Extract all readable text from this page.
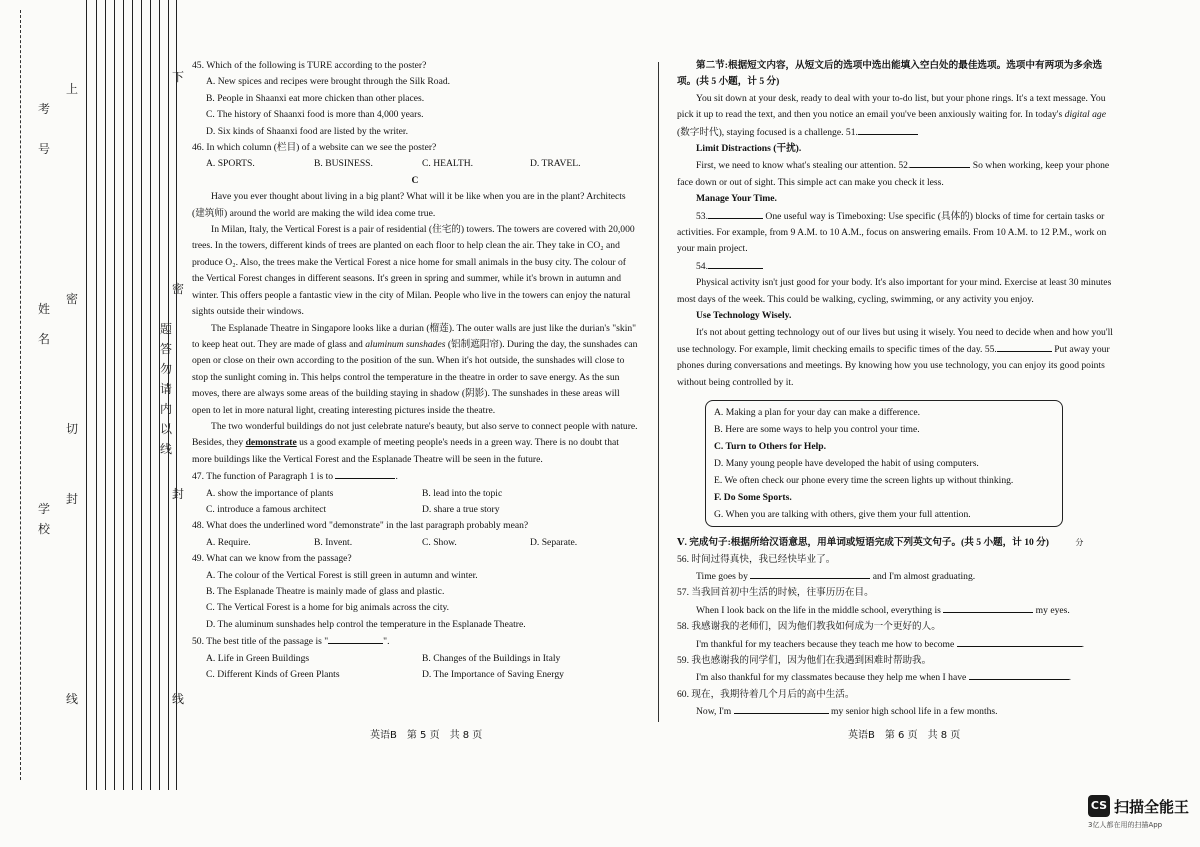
上
密
切
封
线
下
考
号
姓
名
学
校
密
题
答
勿
请
内
以
线
封
线

45. Which of the following is TURE according to the poster?

A. New spices and recipes were brought through the Silk Road.
B. People in Shaanxi eat more chicken than other places.
C. The history of Shaanxi food is more than 4,000 years.
D. Six kinds of Shaanxi food are listed by the writer.

46. In which column (栏目) of a website can we see the poster?

A. SPORTS.	B. BUSINESS.	C. HEALTH.	D. TRAVEL.

C

Have you ever thought about living in a big plant? What will it be like when you are in the plant? Architects (建筑师) around the world are making the wild idea come true.

In Milan, Italy, the Vertical Forest is a pair of residential (住宅的) towers. The towers are covered with 20,000 trees. In the towers, different kinds of trees are planted on each floor to help clean the air. They take in CO₂ and produce O₂. Also, the trees make the Vertical Forest a nice home for small animals in the busy city. The colour of the Vertical Forest changes in different seasons. It's green in spring and summer, while it's brown in autumn and winter. This offers people a fantastic view in the city of Milan. People who live in the towers can enjoy the natural sights outside their windows.

The Esplanade Theatre in Singapore looks like a durian (榴莲). The outer walls are just like the durian's "skin" to keep heat out. They are made of glass and aluminum sunshades (铝制遮阳帘). During the day, the sunshades can open or close on their own according to the position of the sun. When it's hot outside, the sunshades will close to stop the sunlight coming in. This helps control the temperature in the theatre in order to save energy. As the sun moves, there are always some areas of the building staying in shadow (阴影). The sunshades in these areas will open to let in more natural light, creating interesting pictures inside the theatre.

The two wonderful buildings do not just celebrate nature's beauty, but also serve to connect people with nature. Besides, they demonstrate us a good example of meeting people's needs in a green way. There is no doubt that more buildings like the Vertical Forest and the Esplanade Theatre will be seen in the future.

47. The function of Paragraph 1 is to	.

A. show the importance of plants	B. lead into the topic
C. introduce a famous architect	D. share a true story

48. What does the underlined word "demonstrate" in the last paragraph probably mean?

A. Require.	B. Invent.	C. Show.	D. Separate.

49. What can we know from the passage?

A. The colour of the Vertical Forest is still green in autumn and winter.
B. The Esplanade Theatre is mainly made of glass and plastic.
C. The Vertical Forest is a home for big animals across the city.
D. The aluminum sunshades help control the temperature in the Esplanade Theatre.

50. The best title of the passage is "	".

A. Life in Green Buildings	B. Changes of the Buildings in Italy
C. Different Kinds of Green Plants	D. The Importance of Saving Energy
英语B　第 5 页　共 8 页

第二节:根据短文内容，从短文后的选项中选出能填入空白处的最佳选项。选项中有两项为多余选项。(共 5 小题，计 5 分)

You sit down at your desk, ready to deal with your to-do list, but your phone rings. It's a text message. You pick it up to read the text, and then you notice an email you've been anxiously waiting for. In today's digital age (数字时代), staying focused is a challenge. 51.

Limit Distractions (干扰).

First, we need to know what's stealing our attention. 52.	So when working, keep your phone face down or out of sight. This simple act can make you check it less.

Manage Your Time.

53.	One useful way is Timeboxing: Use specific (具体的) blocks of time for certain tasks or activities. For example, from 9 A.M. to 10 A.M., focus on answering emails. From 10 A.M. to 12 P.M., work on your main project.

54.

Physical activity isn't just good for your body. It's also important for your mind. Exercise at least 30 minutes most days of the week. This could be walking, cycling, swimming, or any activity you enjoy.

Use Technology Wisely.

It's not about getting technology out of our lives but using it wisely. You need to decide when and how you'll use technology. For example, limit checking emails to specific times of the day. 55.	Put away your phones during conversations and meetings. By knowing how you use technology, you can enjoy its good points without being controlled by it.

A. Making a plan for your day can make a difference.

B. Here are some ways to help you control your time.

C. Turn to Others for Help.

D. Many young people have developed the habit of using computers.

E. We often check our phone every time the screen lights up without thinking.

F. Do Some Sports.

G. When you are talking with others, give them your full attention.

Ⅴ. 完成句子:根据所给汉语意思，用单词或短语完成下列英文句子。(共 5 小题，计 10 分)	分

56. 时间过得真快，我已经快毕业了。

Time goes by	and I'm almost graduating.

57. 当我回首初中生活的时候，往事历历在目。

When I look back on the life in the middle school, everything is	my eyes.

58. 我感谢我的老师们，因为他们教我如何成为一个更好的人。

I'm thankful for my teachers because they teach me how to become	.

59. 我也感谢我的同学们，因为他们在我遇到困难时帮助我。

I'm also thankful for my classmates because they help me when I have	.

60. 现在，我期待着几个月后的高中生活。

Now, I'm	my senior high school life in a few months.

英语B　第 6 页　共 8 页
CS 扫描全能王
3亿人都在用的扫描App
